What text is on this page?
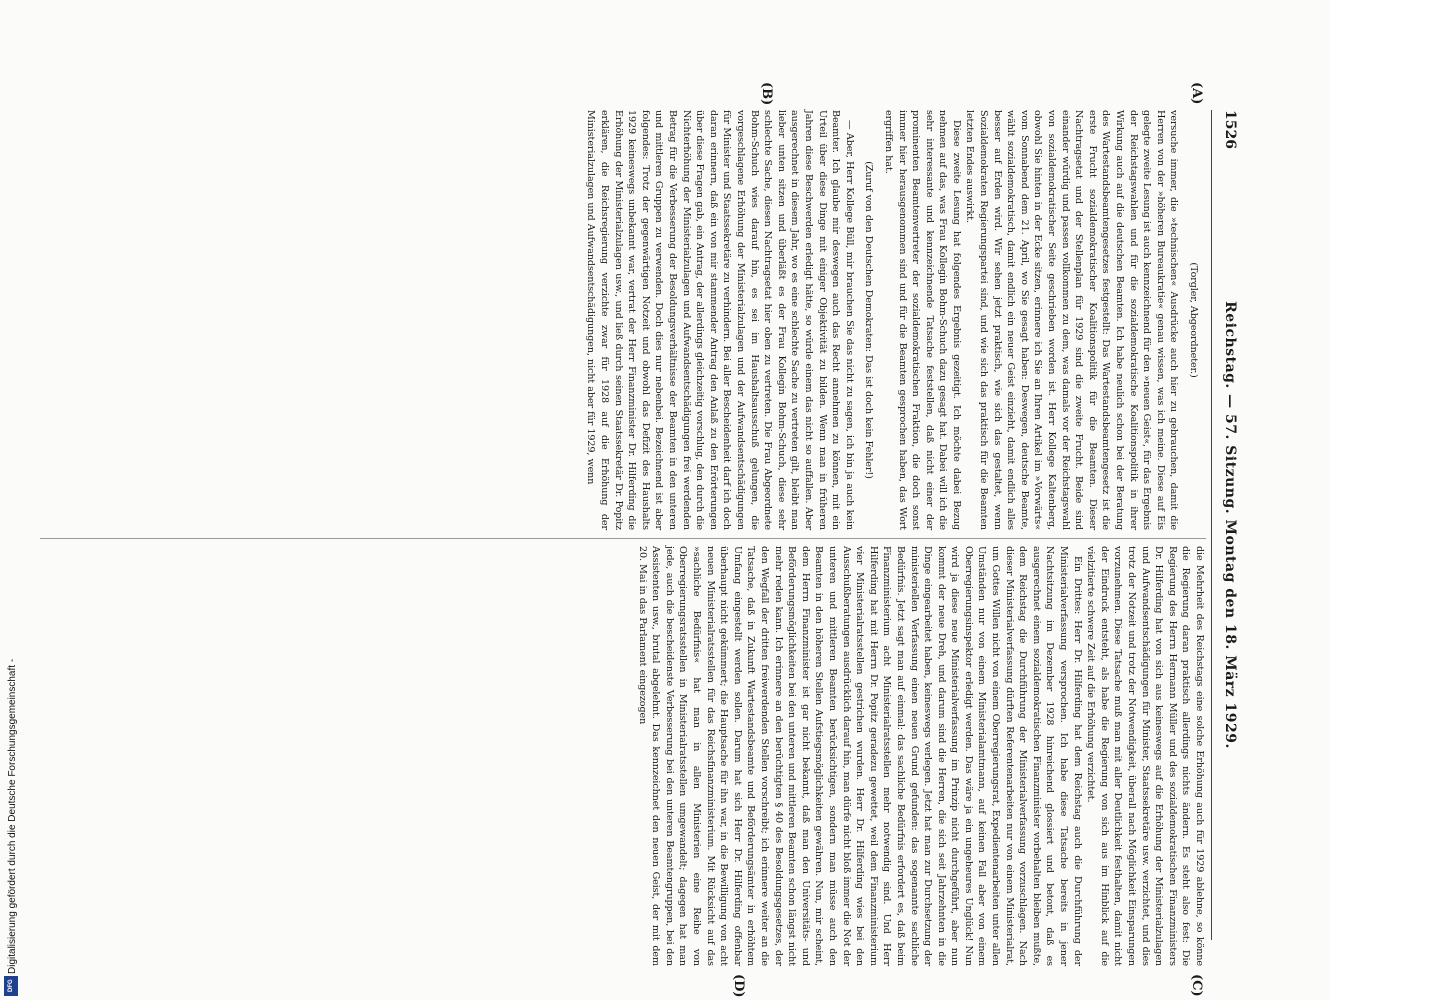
1526
Reichstag. — 57. Sitzung. Montag den 18. März 1929.
(A)
(B)
(C)
(D)

(Torgler, Abgeordneter.)

versuche immer, die »technischen« Ausdrücke auch hier zu gebrauchen, damit die Herren von der »höheren Bureaukratie« genau wissen, was ich meine. Diese auf Eis gelegte zweite Lesung ist auch kennzeichnend für den »neuen Geist«, für das Ergebnis der Reichstagswahlen und für die sozialdemokratische Koalitionspolitik in ihrer Wirkung auch auf die deutschen Beamten. Ich habe neulich schon bei der Beratung des Wartestandsbeamtengesetzes festgestellt: Das Wartestandsbeamtengesetz ist die erste Frucht sozialdemokratischer Koalitionspolitik für die Beamten. Dieser Nachtragsetat und der Stellenplan für 1929 sind die zweite Frucht. Beide sind einander würdig und passen vollkommen zu dem, was damals vor der Reichstagswahl von sozialdemokratischer Seite geschrieben worden ist. Herr Kollege Kaltenberg, obwohl Sie hinten in der Ecke sitzen, erinnere ich Sie an Ihren Artikel im »Vorwärts« vom Sonnabend dem 21. April, wo Sie gesagt haben: Deswegen, deutsche Beamte, wählt sozialdemokratisch, damit endlich ein neuer Geist einzieht, damit endlich alles besser auf Erden wird. Wir sehen jetzt praktisch, wie sich das gestaltet, wenn Sozialdemokraten Regierungspartei sind, und wie sich das praktisch für die Beamten letzten Endes auswirkt.

Diese zweite Lesung hat folgendes Ergebnis gezeitigt. Ich möchte dabei Bezug nehmen auf das, was Frau Kollegin Bohm-Schuch dazu gesagt hat. Dabei will ich die sehr interessante und kennzeichnende Tatsache feststellen, daß nicht einer der prominenten Beamtenvertreter der sozialdemokratischen Fraktion, die doch sonst immer hier herausgenommen sind und für die Beamten gesprochen haben, das Wort ergriffen hat.

(Zuruf von den Deutschen Demokraten: Das ist doch kein Fehler!)

— Aber, Herr Kollege Büll, mir brauchen Sie das nicht zu sagen, ich bin ja auch kein Beamter. Ich glaube mir deswegen auch das Recht annehmen zu können, mit ein Urteil über diese Dinge mit einiger Objektivität zu bilden. Wenn man in früheren Jahren diese Beschwerden erledigt hätte, so würde einem das nicht so auffallen. Aber ausgerechnet in diesem Jahr, wo es eine schlechte Sache zu vertreten gilt, bleibt man lieber unten sitzen und überläßt es der Frau Kollegin Bohm-Schuch, diese sehr schlechte Sache, diesen Nachtragsetat hier oben zu vertreten. Die Frau Abgeordnete Bohm-Schuch wies darauf hin, es sei im Haushaltsausschuß gelungen, die vorgeschlagene Erhöhung der Ministerialzulagen und der Aufwandsentschädigungen für Minister und Staatssekretäre zu verhindern. Bei aller Bescheidenheit darf ich doch daran erinnern, daß ein von mir stammender Antrag den Anlaß zu den Erörterungen über diese Fragen gab, ein Antrag, der allerdings gleichzeitig vorschlug, den durch die Nichterhöhung der Ministerialzulagen und Aufwandsentschädigungen frei werdenden Betrag für die Verbesserung der Besoldungsverhältnisse der Beamten in den unteren und mittleren Gruppen zu verwenden. Doch dies nur nebenbei. Bezeichnend ist aber folgendes: Trotz der gegenwärtigen Notzeit und obwohl das Defizit des Haushalts 1929 keineswegs unbekannt war, vertrat der Herr Finanzminister Dr. Hilferding die Erhöhung der Ministerialzulagen usw., und ließ durch seinen Staatssekretär Dr. Popitz erklären, die Reichsregierung verzichte zwar für 1928 auf die Erhöhung der Ministerialzulagen und Aufwandsentschädigungen, nicht aber für 1929, wenn

die Mehrheit des Reichstags eine solche Erhöhung auch für 1929 ablehne, so könne die Regierung daran praktisch allerdings nichts ändern. Es steht also fest: Die Regierung des Herrn Hermann Müller und des sozialdemokratischen Finanzministers Dr. Hilferding hat von sich aus keineswegs auf die Erhöhung der Ministerialzulagen und Aufwandsentschädigungen für Minister, Staatssekretäre usw. verzichtet, und dies trotz der Notzeit und trotz der Notwendigkeit, überall nach Möglichkeit Einsparungen vorzunehmen. Diese Tatsache muß man mit aller Deutlichkeit festhalten, damit nicht der Eindruck entsteht, als habe die Regierung von sich aus im Hinblick auf die vielzitierte schwere Zeit auf die Erhöhung verzichtet.

Ein Drittes: Herr Dr. Hilferding hat dem Reichstag auch die Durchführung der Ministerialverfassung versprochen. Ich habe diese Tatsache bereits in jener Nachtsitzung im Dezember 1928 hinreichend glossiert und betont, daß es ausgerechnet einem sozialdemokratischen Finanzminister vorbehalten bleiben mußte, dem Reichstag die Durchführung der Ministerialverfassung vorzuschlagen. Nach dieser Ministerialverfassung dürften Referentenarbeiten nur von einem Ministerialrat, um Gottes Willen nicht von einem Oberregierungsrat, Expedientenarbeiten unter allen Umständen nur von einem Ministerialamtmann, auf keinen Fall aber von einem Oberregierungsinspektor erledigt werden. Das wäre ja ein ungeheures Unglück! Nun wird ja diese neue Ministerialverfassung im Prinzip nicht durchgeführt, aber nun kommt der neue Dreh, und darum sind die Herren, die sich seit Jahrzehnten in die Dinge eingearbeitet haben, keineswegs verlegen. Jetzt hat man zur Durchsetzung der ministeriellen Verfassung einen neuen Grund gefunden: das sogenannte sachliche Bedürfnis. Jetzt sagt man auf einmal: das sachliche Bedürfnis erfordert es, daß beim Finanzministerium acht Ministerialratsstellen mehr notwendig sind. Und Herr Hilferding hat mit Herrn Dr. Popitz geradezu gewettet, weil dem Finanzministerium vier Ministerialratsstellen gestrichen wurden. Herr Dr. Hilferding wies bei den Ausschußberatungen ausdrücklich darauf hin, man dürfe nicht bloß immer die Not der unteren und mittleren Beamten berücksichtigen, sondern man müsse auch den Beamten in den höheren Stellen Aufstiegsmöglichkeiten gewähren. Nun, mir scheint, dem Herrn Finanzminister ist gar nicht bekannt, daß man den Universitäts- und Beförderungsmöglichkeiten bei den unteren und mittleren Beamten schon längst nicht mehr reden kann. Ich erinnere an den berüchtigten § 40 des Besoldungsgesetzes, der den Wegfall der dritten freiwerdenden Stellen vorschreibt; ich erinnere weiter an die Tatsache, daß in Zukunft Wartestandsbeamte und Beförderungsämter in erhöhtem Umfang eingestellt werden sollen. Darum hat sich Herr Dr. Hilferding offenbar überhaupt nicht gekümmert; die Hauptsache für ihn war, in die Bewilligung von acht neuen Ministerialratsstellen für das Reichsfinanzministerium. Mit Rücksicht auf das »sachliche Bedürfnis« hat man in allen Ministerien eine Reihe von Oberregierungsratsstellen in Ministerialratsstellen umgewandelt; dagegen hat man jede, auch die bescheidenste Verbesserung bei den unteren Beamtengruppen, bei den Assistenten usw., brutal abgelehnt. Das kennzeichnet den neuen Geist, der mit dem 20. Mai in das Parlament eingezogen

Digitalisierung gefördert durch die Deutsche Forschungsgemeinschaft -
DFG
